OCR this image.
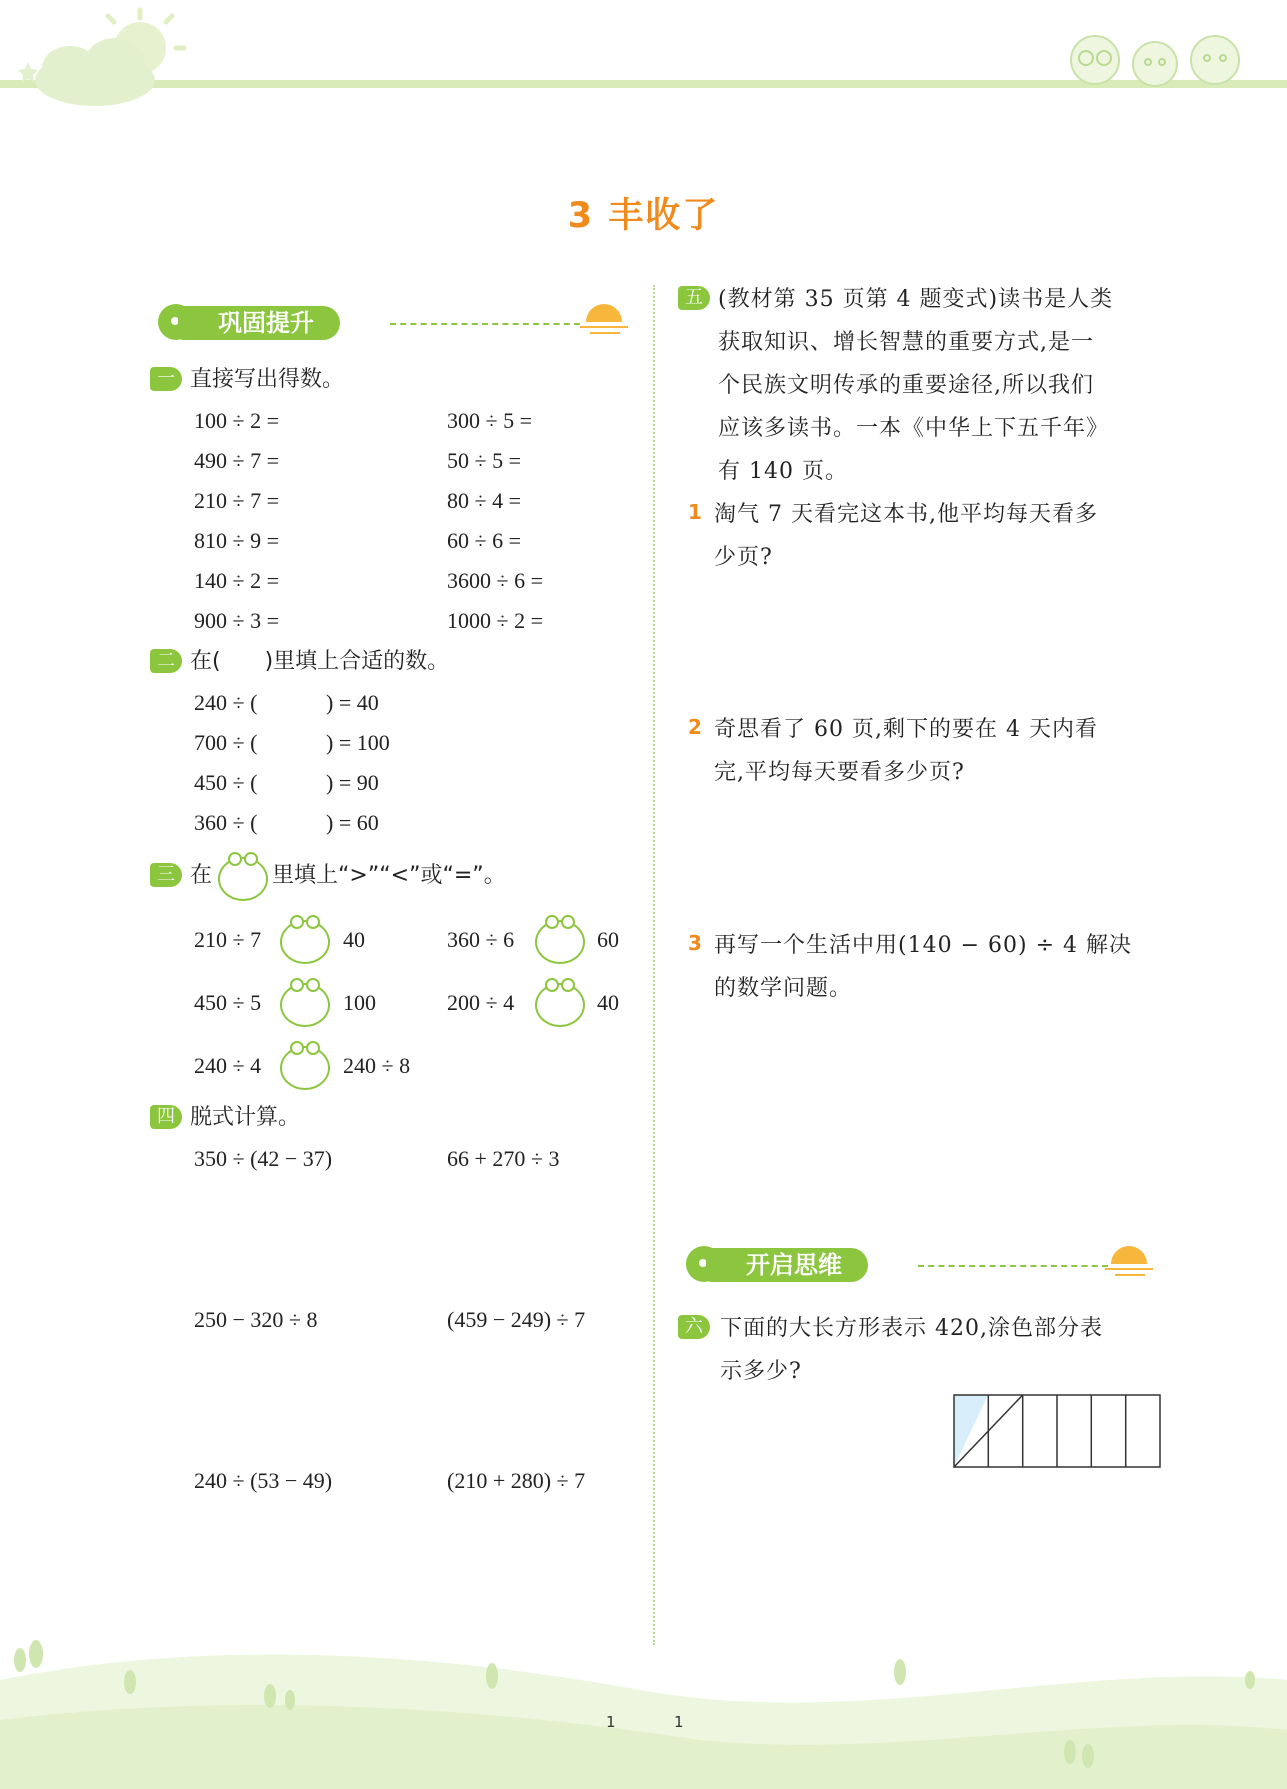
3 丰收了
巩固提升
一 直接写出得数。
100 ÷ 2 =	300 ÷ 5 =
490 ÷ 7 =	50 ÷ 5 =
210 ÷ 7 =	80 ÷ 4 =
810 ÷ 9 =	60 ÷ 6 =
140 ÷ 2 =	3600 ÷ 6 =
900 ÷ 3 =	1000 ÷ 2 =
二 在(　　)里填上合适的数。
240 ÷ (	) = 40
700 ÷ (	) = 100
450 ÷ (	) = 90
360 ÷ (	) = 60
三 在	里填上“>”“<”或“=”。
210 ÷ 7	40	360 ÷ 6	60
450 ÷ 5	100	200 ÷ 4	40
240 ÷ 4	240 ÷ 8
四 脱式计算。
350 ÷ (42 − 37)	66 + 270 ÷ 3
250 − 320 ÷ 8	(459 − 249) ÷ 7
240 ÷ (53 − 49)	(210 + 280) ÷ 7
五 (教材第 35 页第 4 题变式)读书是人类
获取知识、增长智慧的重要方式,是一
个民族文明传承的重要途径,所以我们
应该多读书。一本《中华上下五千年》
有 140 页。
1 淘气 7 天看完这本书,他平均每天看多
少页?
2 奇思看了 60 页,剩下的要在 4 天内看
完,平均每天要看多少页?
3 再写一个生活中用(140 − 60) ÷ 4 解决
的数学问题。
开启思维
六 下面的大长方形表示 420,涂色部分表
示多少?
1	1
